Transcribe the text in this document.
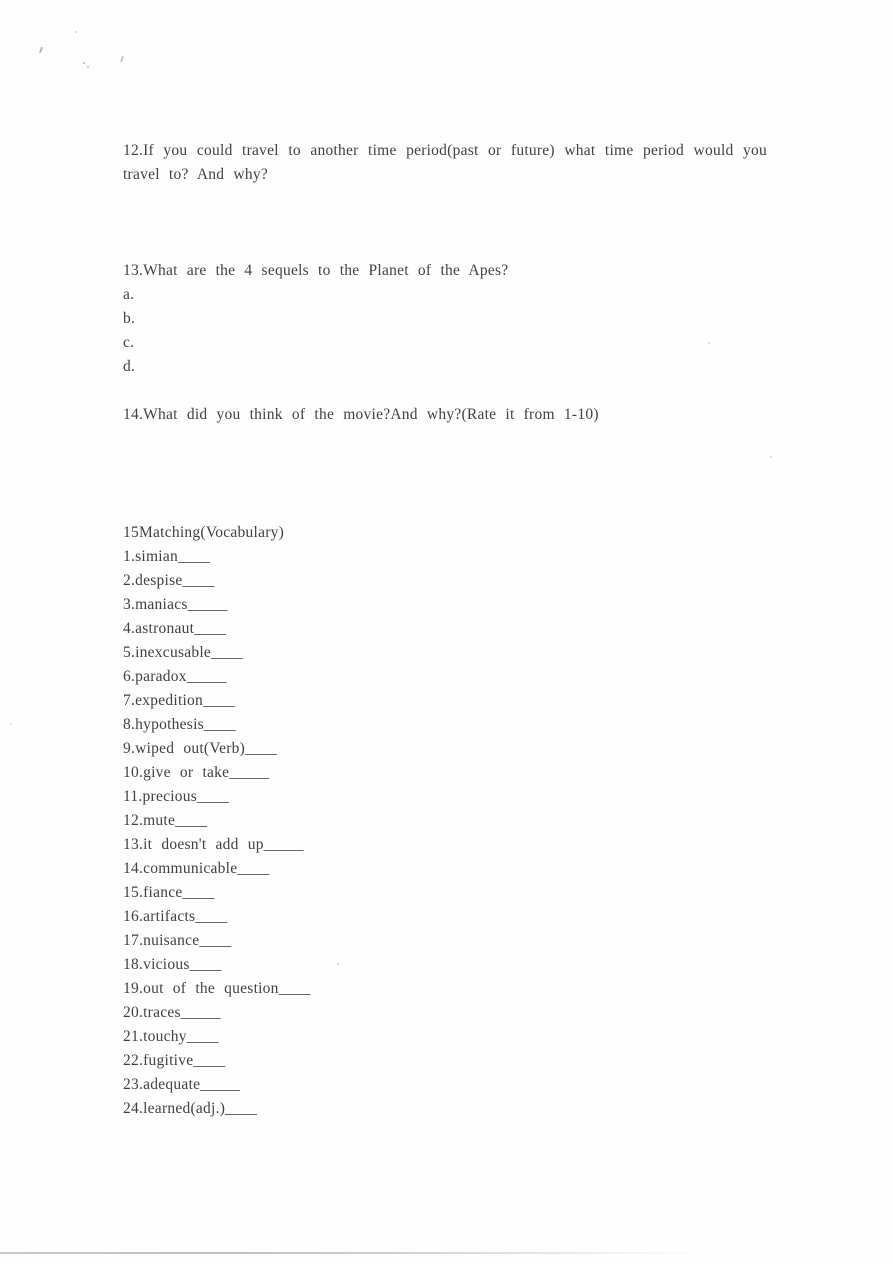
12.If you could travel to another time period(past or future) what time period would you travel to? And why?

13.What are the 4 sequels to the Planet of the Apes?

a.

b.

c.

d.

14.What did you think of the movie?And why?(Rate it from 1-10)

15Matching(Vocabulary)

1.simian____

2.despise____

3.maniacs_____

4.astronaut____

5.inexcusable____

6.paradox_____

7.expedition____

8.hypothesis____

9.wiped out(Verb)____

10.give or take_____

11.precious____

12.mute____

13.it doesn't add up_____

14.communicable____

15.fiance____

16.artifacts____

17.nuisance____

18.vicious____

19.out of the question____

20.traces_____

21.touchy____

22.fugitive____

23.adequate_____

24.learned(adj.)____
